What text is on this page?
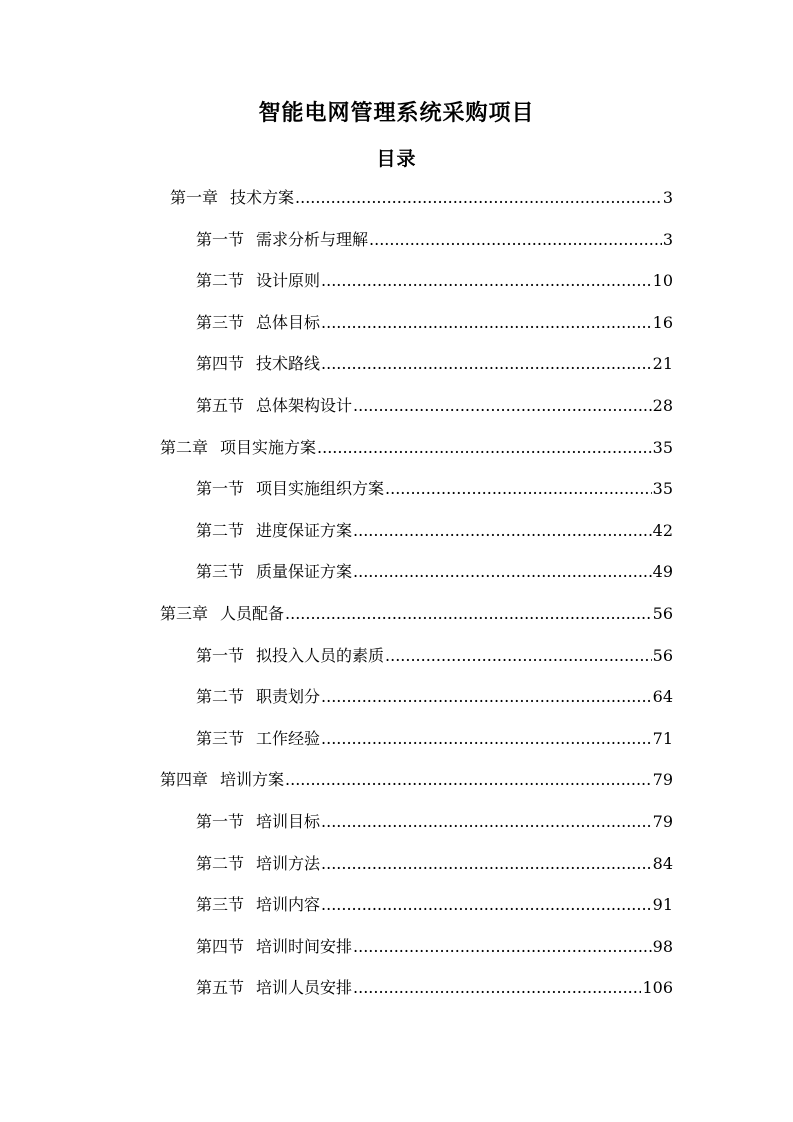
智能电网管理系统采购项目
目录
第一章 技术方案 .....	3
第一节 需求分析与理解 .....	3
第二节 设计原则 .....	10
第三节 总体目标 .....	16
第四节 技术路线 .....	21
第五节 总体架构设计 .....	28
第二章 项目实施方案 .....	35
第一节 项目实施组织方案 .....	35
第二节 进度保证方案 .....	42
第三节 质量保证方案 .....	49
第三章 人员配备 .....	56
第一节 拟投入人员的素质 .....	56
第二节 职责划分 .....	64
第三节 工作经验 .....	71
第四章 培训方案 .....	79
第一节 培训目标 .....	79
第二节 培训方法 .....	84
第三节 培训内容 .....	91
第四节 培训时间安排 .....	98
第五节 培训人员安排 .....	106
